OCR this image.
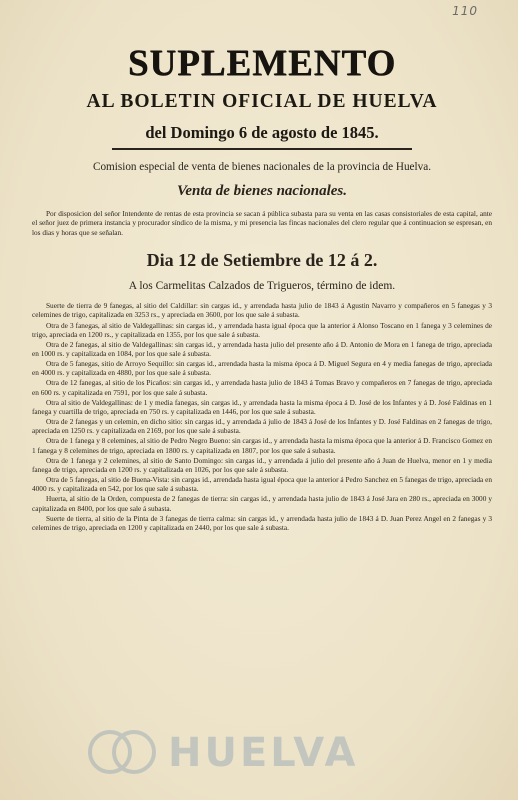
110
SUPLEMENTO
AL BOLETIN OFICIAL DE HUELVA
del Domingo 6 de agosto de 1845.
Comision especial de venta de bienes nacionales de la provincia de Huelva.
Venta de bienes nacionales.

Por disposicion del señor Intendente de rentas de esta provincia se sacan á pública subasta para su venta en las casas consistoriales de esta capital, ante el señor juez de primera instancia y procurador síndico de la misma, y mi presencia las fincas nacionales del clero regular que á continuacion se espresan, en los dias y horas que se señalan.

Dia 12 de Setiembre de 12 á 2.
A los Carmelitas Calzados de Trigueros, término de idem.

Suerte de tierra de 9 fanegas, al sitio del Caldillar: sin cargas id., y arrendada hasta julio de 1843 á Agustin Navarro y compañeros en 5 fanegas y 3 celemines de trigo, capitalizada en 3253 rs., y apreciada en 3600, por los que sale á subasta.

Otra de 3 fanegas, al sitio de Valdegallinas: sin cargas id., y arrendada hasta igual época que la anterior á Alonso Toscano en 1 fanega y 3 celemines de trigo, apreciada en 1200 rs., y capitalizada en 1355, por los que sale á subasta.

Otra de 2 fanegas, al sitio de Valdegallinas: sin cargas id., y arrendada hasta julio del presente año á D. Antonio de Mora en 1 fanega de trigo, apreciada en 1000 rs. y capitalizada en 1084, por los que sale á subasta.

Otra de 5 fanegas, sitio de Arroyo Sequillo: sin cargas id., arrendada hasta la misma época á D. Miguel Segura en 4 y media fanegas de trigo, apreciada en 4000 rs. y capitalizada en 4880, por los que sale á subasta.

Otra de 12 fanegas, al sitio de los Picaños: sin cargas id., y arrendada hasta julio de 1843 á Tomas Bravo y compañeros en 7 fanegas de trigo, apreciada en 600 rs. y capitalizada en 7591, por los que sale á subasta.

Otra al sitio de Valdegallinas: de 1 y media fanegas, sin cargas id., y arrendada hasta la misma época á D. José de los Infantes y á D. José Faldinas en 1 fanega y cuartilla de trigo, apreciada en 750 rs. y capitalizada en 1446, por los que sale á subasta.

Otra de 2 fanegas y un celemin, en dicho sitio: sin cargas id., y arrendada á julio de 1843 á José de los Infantes y D. José Faldinas en 2 fanegas de trigo, apreciada en 1250 rs. y capitalizada en 2169, por los que sale á subasta.

Otra de 1 fanega y 8 celemines, al sitio de Pedro Negro Bueno: sin cargas id., y arrendada hasta la misma época que la anterior á D. Francisco Gomez en 1 fanega y 8 celemines de trigo, apreciada en 1800 rs. y capitalizada en 1807, por los que sale á subasta.

Otra de 1 fanega y 2 celemines, al sitio de Santo Domingo: sin cargas id., y arrendada á julio del presente año á Juan de Huelva, menor en 1 y media fanega de trigo, apreciada en 1200 rs. y capitalizada en 1026, por los que sale á subasta.

Otra de 5 fanegas, al sitio de Buena-Vista: sin cargas id., arrendada hasta igual época que la anterior á Pedro Sanchez en 5 fanegas de trigo, apreciada en 4000 rs. y capitalizada en 542, por los que sale á subasta.

Huerta, al sitio de la Orden, compuesta de 2 fanegas de tierra: sin cargas id., y arrendada hasta julio de 1843 á José Jara en 280 rs., apreciada en 3000 y capitalizada en 8400, por los que sale á subasta.

Suerte de tierra, al sitio de la Pinta de 3 fanegas de tierra calma: sin cargas id., y arrendada hasta julio de 1843 á D. Juan Perez Angel en 2 fanegas y 3 celemines de trigo, apreciada en 1200 y capitalizada en 2440, por los que sale á subasta.

HUELVA
